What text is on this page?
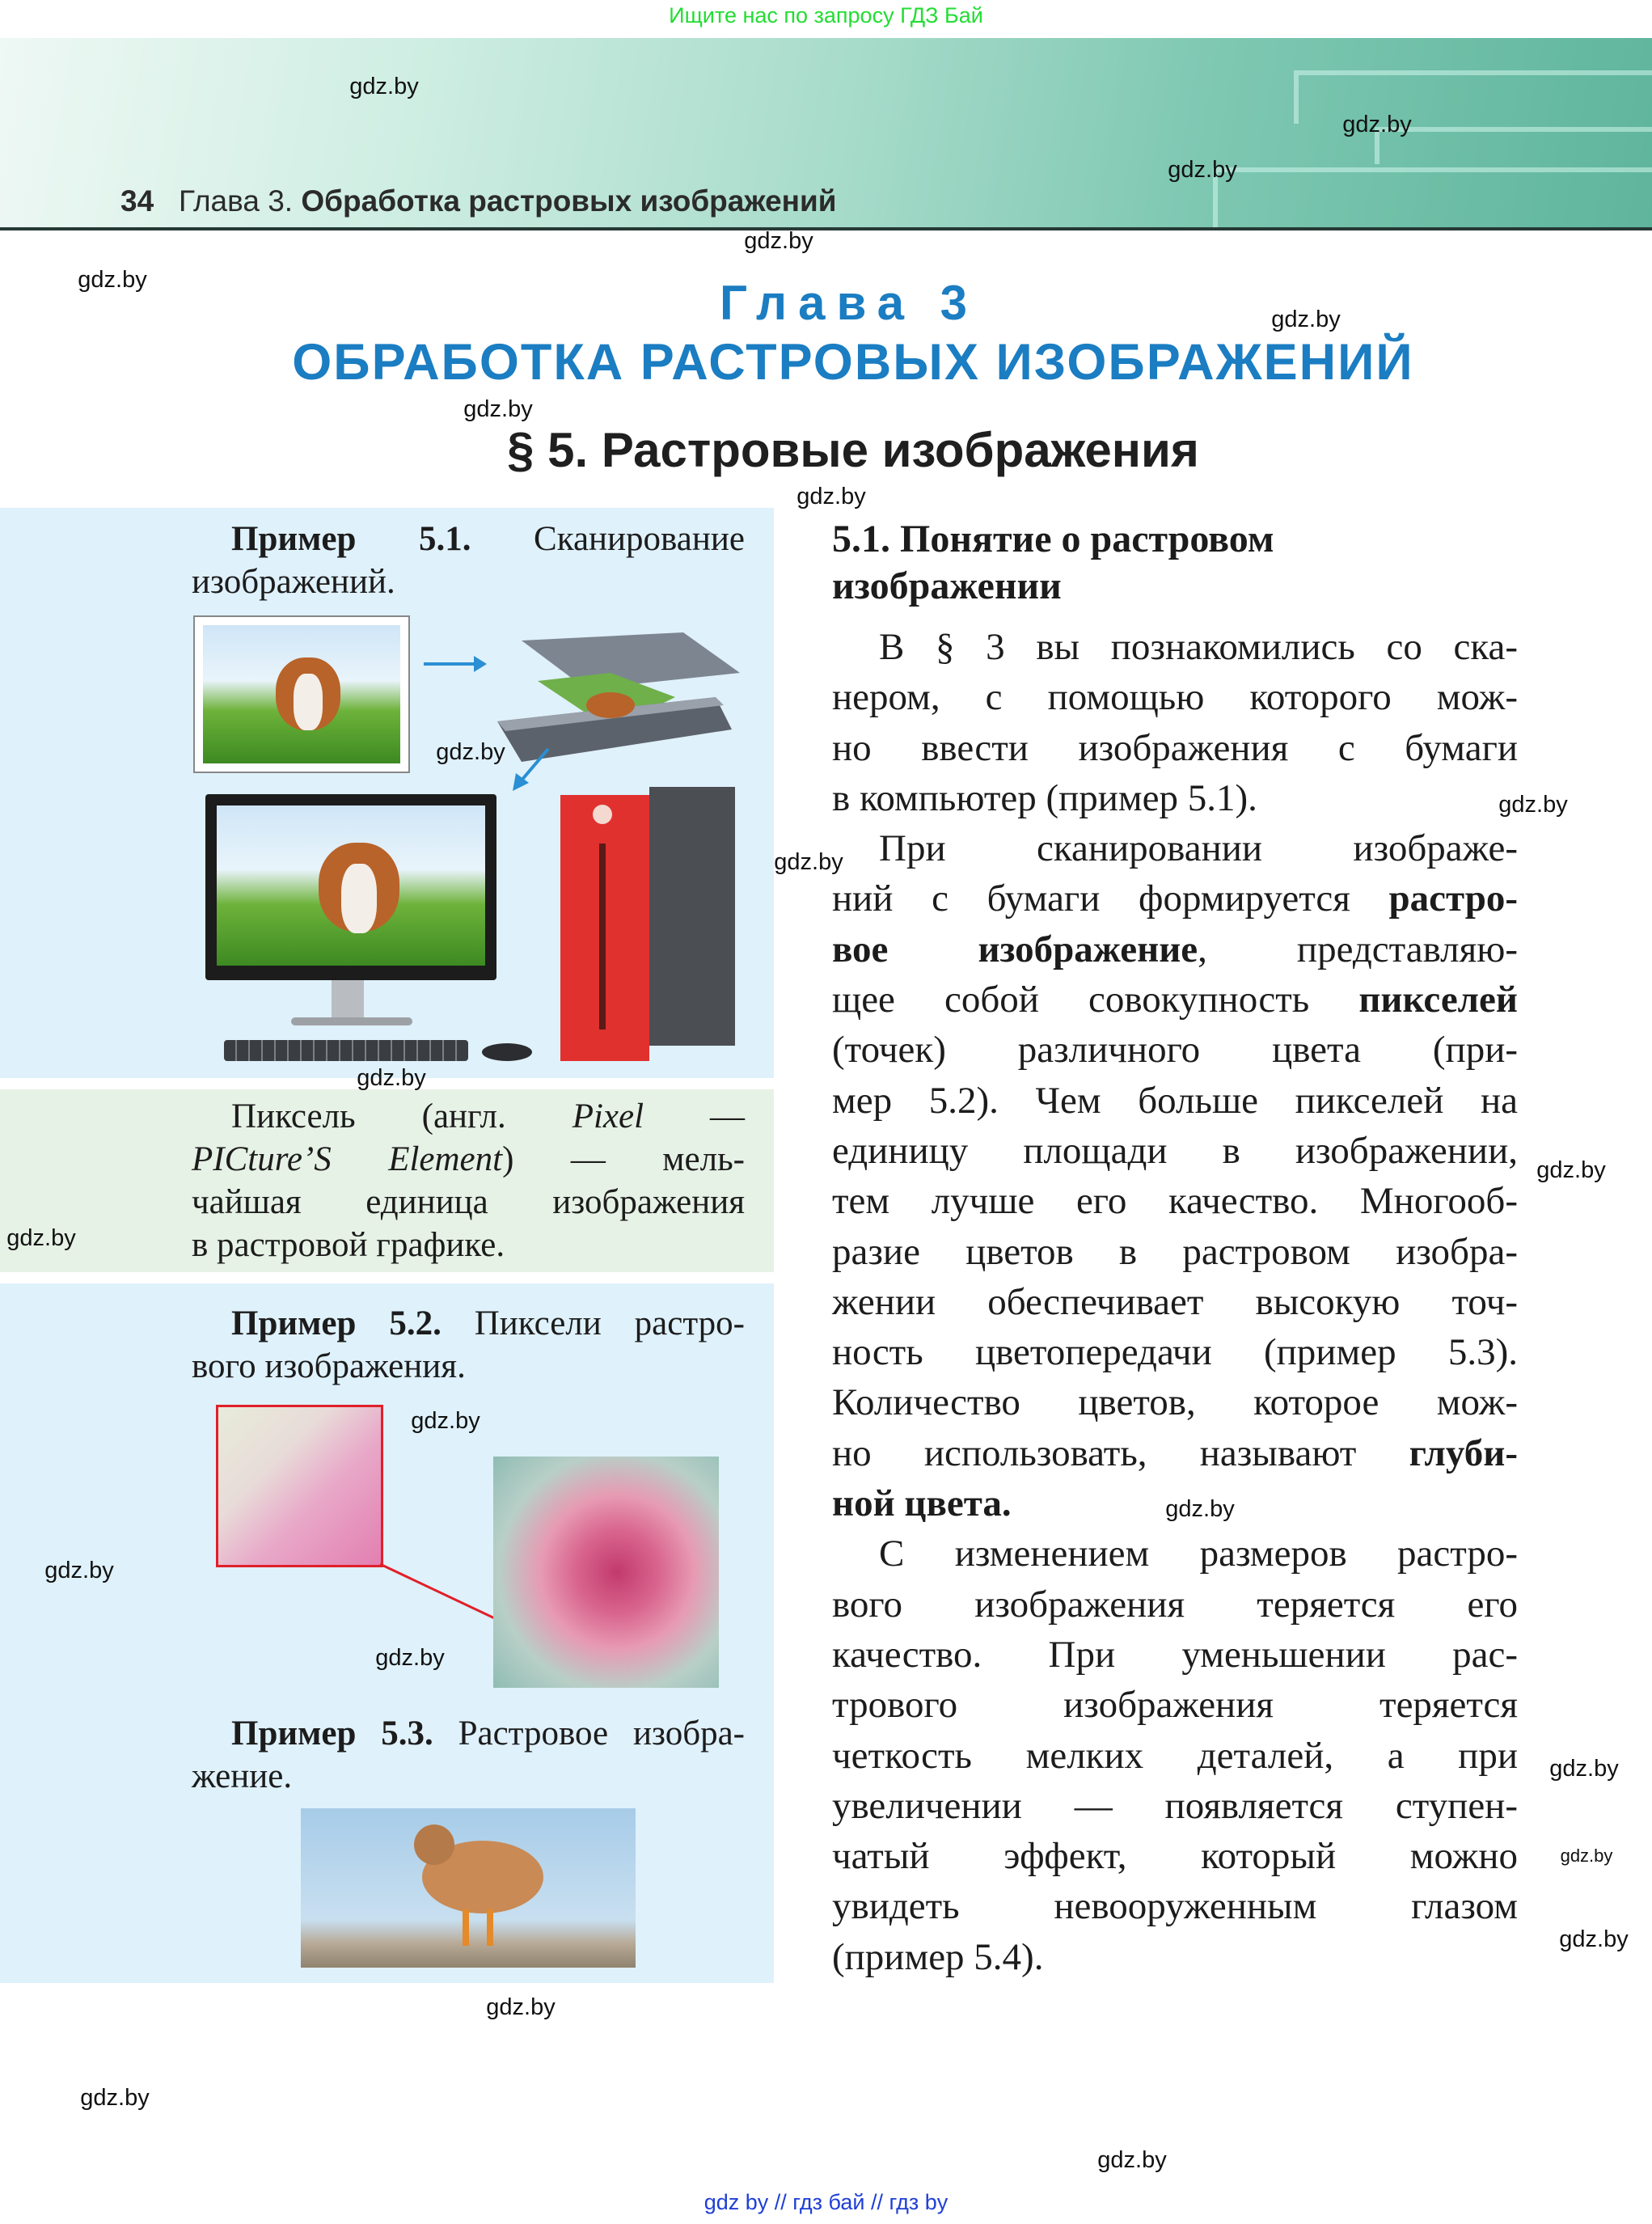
Ищите нас по запросу ГДЗ Бай
34 Глава 3. Обработка растровых изображений
Глава 3
ОБРАБОТКА РАСТРОВЫХ ИЗОБРАЖЕНИЙ
§ 5. Растровые изображения
Пример 5.1. Сканирование
изображений.
Пиксель (англ. Pixel —
PICture’S Element) — мель-
чайшая единица изображения
в растровой графике.
Пример 5.2. Пиксели растро-
вого изображения.
Пример 5.3. Растровое изобра-
жение.
5.1. Понятие о растровом
изображении
В § 3 вы познакомились со ска-
нером, с помощью которого мож-
но ввести изображения с бумаги
в компьютер (пример 5.1).
При сканировании изображе-
ний с бумаги формируется растро-
вое изображение, представляю-
щее собой совокупность пикселей
(точек) различного цвета (при-
мер 5.2). Чем больше пикселей на
единицу площади в изображении,
тем лучше его качество. Многооб-
разие цветов в растровом изобра-
жении обеспечивает высокую точ-
ность цветопередачи (пример 5.3).
Количество цветов, которое мож-
но использовать, называют глуби-
ной цвета.
С изменением размеров растро-
вого изображения теряется его
качество. При уменьшении рас-
трового изображения теряется
четкость мелких деталей, а при
увеличении — появляется ступен-
чатый эффект, который можно
увидеть невооруженным глазом
(пример 5.4).
gdz.by
gdz.by
gdz.by
gdz.by
gdz.by
gdz.by
gdz.by
gdz.by
gdz.by
gdz.by
gdz.by
gdz.by
gdz.by
gdz.by
gdz.by
gdz.by
gdz.by
gdz.by
gdz.by
gdz.by
gdz.by
gdz.by
gdz.by
gdz.by
gdz by // гдз бай // гдз by
